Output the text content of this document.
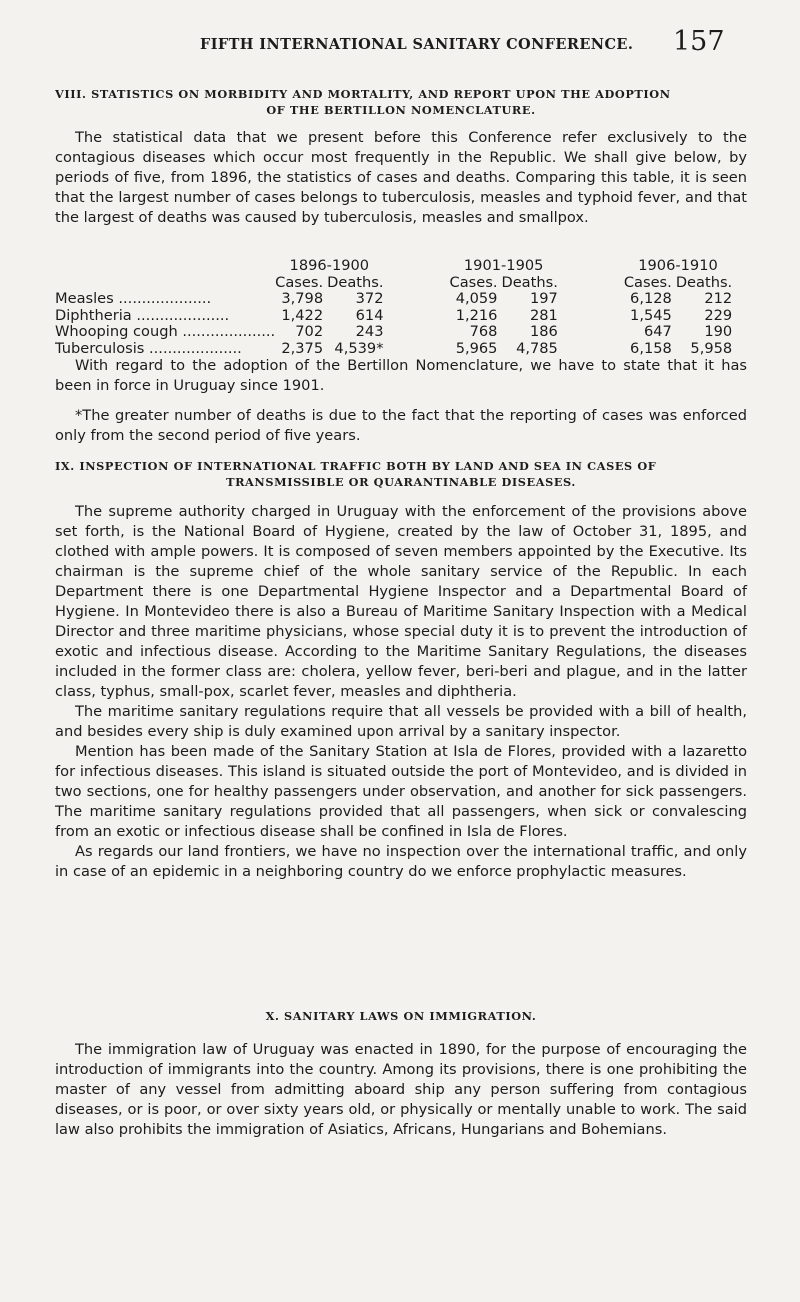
FIFTH INTERNATIONAL SANITARY CONFERENCE. 157
VIII. STATISTICS ON MORBIDITY AND MORTALITY, AND REPORT UPON THE ADOPTION
OF THE BERTILLON NOMENCLATURE.

The statistical data that we present before this Conference refer exclusively to the contagious diseases which occur most frequently in the Republic. We shall give below, by periods of five, from 1896, the statistics of cases and deaths. Comparing this table, it is seen that the largest number of cases belongs to tuberculosis, measles and typhoid fever, and that the largest of deaths was caused by tuberculosis, measles and smallpox.

	1896-1900			1901-1905			1906-1910	
	Cases.	Deaths.		Cases.	Deaths.		Cases.	Deaths.
Measles ....................	3,798	372		4,059	197		6,128	212
Diphtheria ....................	1,422	614		1,216	281		1,545	229
Whooping cough ....................	702	243		768	186		647	190
Tuberculosis ....................	2,375	4,539*		5,965	4,785		6,158	5,958

With regard to the adoption of the Bertillon Nomenclature, we have to state that it has been in force in Uruguay since 1901.

*The greater number of deaths is due to the fact that the reporting of cases was enforced only from the second period of five years.

IX. INSPECTION OF INTERNATIONAL TRAFFIC BOTH BY LAND AND SEA IN CASES OF
TRANSMISSIBLE OR QUARANTINABLE DISEASES.

The supreme authority charged in Uruguay with the enforcement of the provisions above set forth, is the National Board of Hygiene, created by the law of October 31, 1895, and clothed with ample powers. It is composed of seven members appointed by the Executive. Its chairman is the supreme chief of the whole sanitary service of the Republic. In each Department there is one Departmental Hygiene Inspector and a Departmental Board of Hygiene. In Montevideo there is also a Bureau of Maritime Sanitary Inspection with a Medical Director and three maritime physicians, whose special duty it is to prevent the introduction of exotic and infectious disease. According to the Maritime Sanitary Regulations, the diseases included in the former class are: cholera, yellow fever, beri-beri and plague, and in the latter class, typhus, small-pox, scarlet fever, measles and diphtheria.

The maritime sanitary regulations require that all vessels be provided with a bill of health, and besides every ship is duly examined upon arrival by a sanitary inspector.

Mention has been made of the Sanitary Station at Isla de Flores, provided with a lazaretto for infectious diseases. This island is situated outside the port of Montevideo, and is divided in two sections, one for healthy passengers under observation, and another for sick passengers. The maritime sanitary regulations provided that all passengers, when sick or convalescing from an exotic or infectious disease shall be confined in Isla de Flores.

As regards our land frontiers, we have no inspection over the international traffic, and only in case of an epidemic in a neighboring country do we enforce prophylactic measures.

X. SANITARY LAWS ON IMMIGRATION.

The immigration law of Uruguay was enacted in 1890, for the purpose of encouraging the introduction of immigrants into the country. Among its provisions, there is one prohibiting the master of any vessel from admitting aboard ship any person suffering from contagious diseases, or is poor, or over sixty years old, or physically or mentally unable to work. The said law also prohibits the immigration of Asiatics, Africans, Hungarians and Bohemians.
